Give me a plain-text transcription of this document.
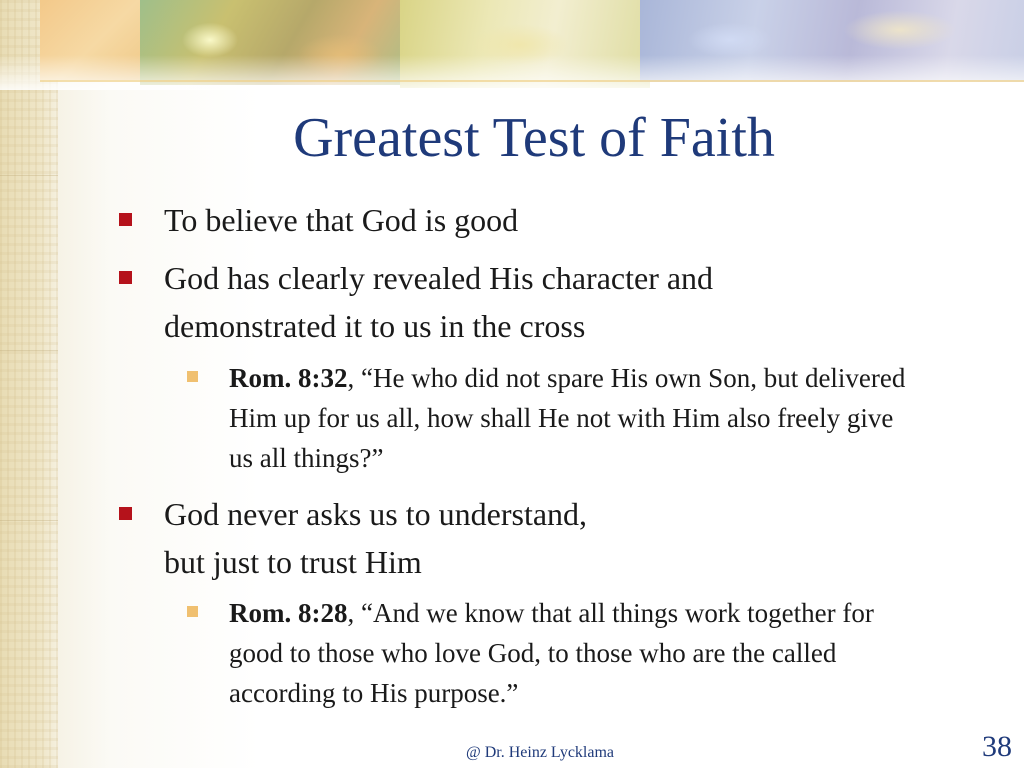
Greatest Test of Faith
To believe that God is good
God has clearly revealed His character and demonstrated it to us in the cross
Rom. 8:32, “He who did not spare His own Son, but delivered Him up for us all, how shall He not with Him also freely give us all things?”
God never asks us to understand,
but just to trust Him
Rom. 8:28, “And we know that all things work together for good to those who love God, to those who are the called according to His purpose.”
@ Dr. Heinz Lycklama	38
